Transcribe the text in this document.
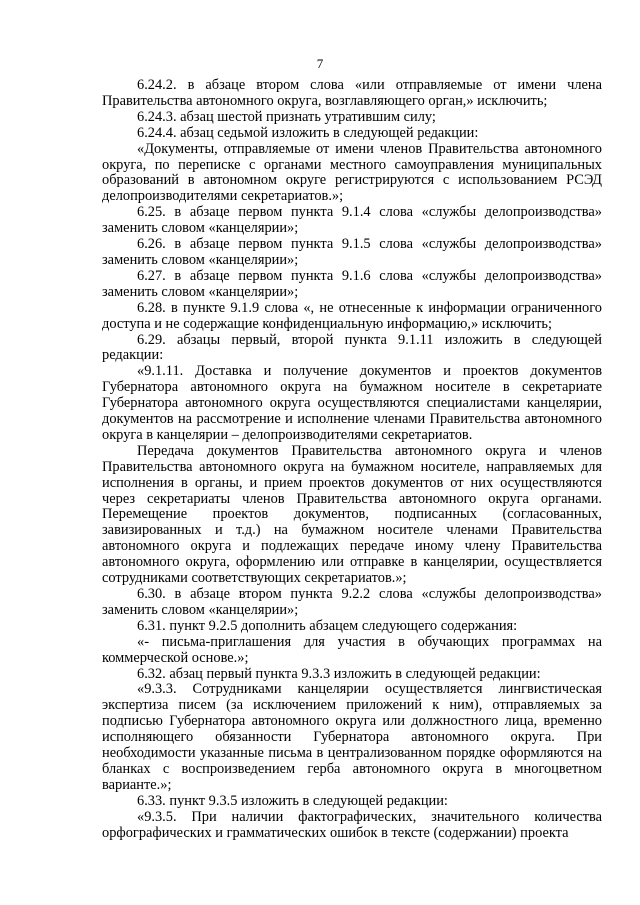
7

6.24.2. в абзаце втором слова «или отправляемые от имени члена Правительства автономного округа, возглавляющего орган,» исключить;

6.24.3. абзац шестой признать утратившим силу;

6.24.4. абзац седьмой изложить в следующей редакции:

«Документы, отправляемые от имени членов Правительства автономного округа, по переписке с органами местного самоуправления муниципальных образований в автономном округе регистрируются с использованием РСЭД делопроизводителями секретариатов.»;

6.25. в абзаце первом пункта 9.1.4 слова «службы делопроизводства» заменить словом «канцелярии»;

6.26. в абзаце первом пункта 9.1.5 слова «службы делопроизводства» заменить словом «канцелярии»;

6.27. в абзаце первом пункта 9.1.6 слова «службы делопроизводства» заменить словом «канцелярии»;

6.28. в пункте 9.1.9 слова «, не отнесенные к информации ограниченного доступа и не содержащие конфиденциальную информацию,» исключить;

6.29. абзацы первый, второй пункта 9.1.11 изложить в следующей редакции:

«9.1.11. Доставка и получение документов и проектов документов Губернатора автономного округа на бумажном носителе в секретариате Губернатора автономного округа осуществляются специалистами канцелярии, документов на рассмотрение и исполнение членами Правительства автономного округа в канцелярии – делопроизводителями секретариатов.

Передача документов Правительства автономного округа и членов Правительства автономного округа на бумажном носителе, направляемых для исполнения в органы, и прием проектов документов от них осуществляются через секретариаты членов Правительства автономного округа органами. Перемещение проектов документов, подписанных (согласованных, завизированных и т.д.) на бумажном носителе членами Правительства автономного округа и подлежащих передаче иному члену Правительства автономного округа, оформлению или отправке в канцелярии, осуществляется сотрудниками соответствующих секретариатов.»;

6.30. в абзаце втором пункта 9.2.2 слова «службы делопроизводства» заменить словом «канцелярии»;

6.31. пункт 9.2.5 дополнить абзацем следующего содержания:

«- письма-приглашения для участия в обучающих программах на коммерческой основе.»;

6.32. абзац первый пункта 9.3.3 изложить в следующей редакции:

«9.3.3. Сотрудниками канцелярии осуществляется лингвистическая экспертиза писем (за исключением приложений к ним), отправляемых за подписью Губернатора автономного округа или должностного лица, временно исполняющего обязанности Губернатора автономного округа. При необходимости указанные письма в централизованном порядке оформляются на бланках с воспроизведением герба автономного округа в многоцветном варианте.»;

6.33. пункт 9.3.5 изложить в следующей редакции:

«9.3.5. При наличии фактографических, значительного количества орфографических и грамматических ошибок в тексте (содержании) проекта
